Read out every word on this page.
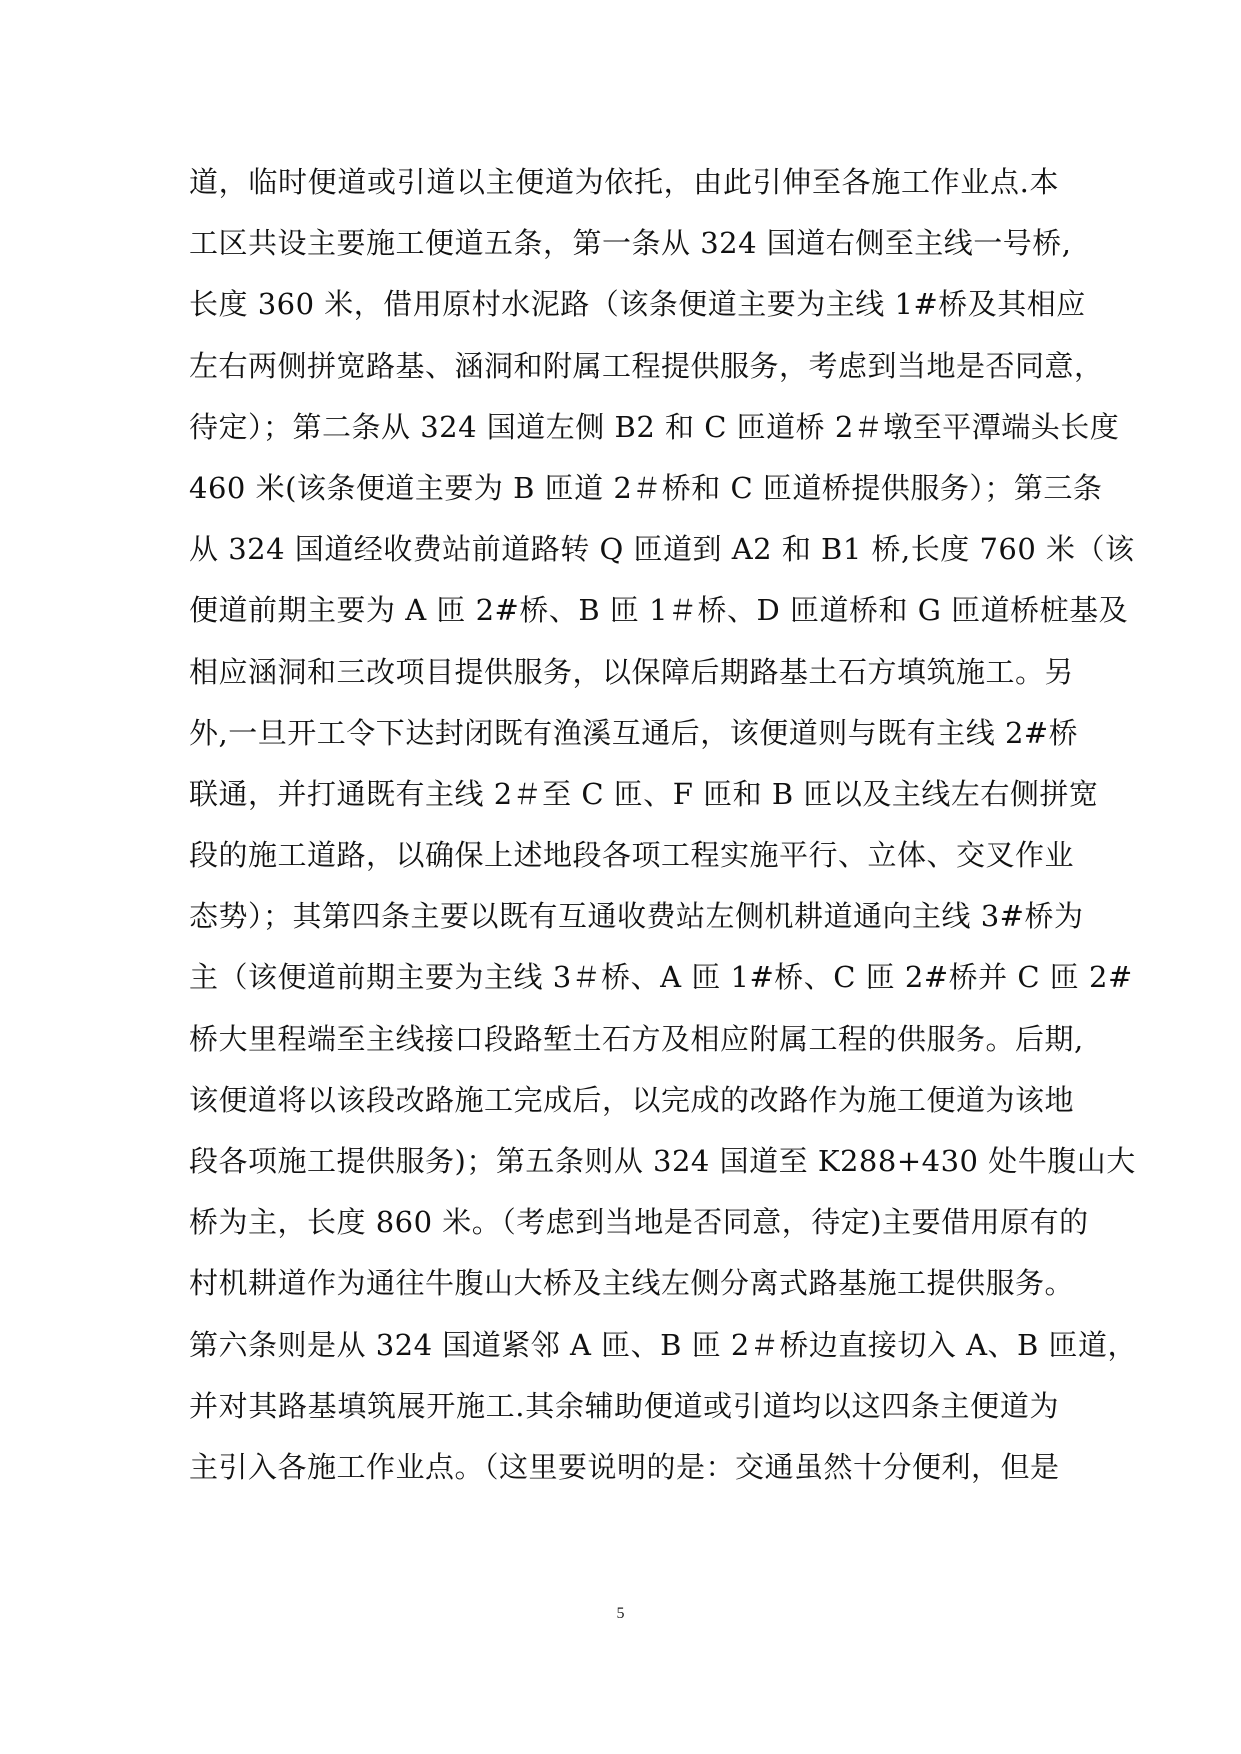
道，临时便道或引道以主便道为依托，由此引伸至各施工作业点.本
工区共设主要施工便道五条，第一条从 324 国道右侧至主线一号桥,
长度 360 米，借用原村水泥路（该条便道主要为主线 1#桥及其相应
左右两侧拼宽路基、涵洞和附属工程提供服务，考虑到当地是否同意，
待定）；第二条从 324 国道左侧 B2 和 C 匝道桥 2＃墩至平潭端头长度
460 米(该条便道主要为 B 匝道 2＃桥和 C 匝道桥提供服务）；第三条
从 324 国道经收费站前道路转 Q 匝道到 A2 和 B1 桥,长度 760 米（该
便道前期主要为 A 匝 2#桥、B 匝 1＃桥、D 匝道桥和 G 匝道桥桩基及
相应涵洞和三改项目提供服务，以保障后期路基土石方填筑施工。另
外,一旦开工令下达封闭既有渔溪互通后，该便道则与既有主线 2#桥
联通，并打通既有主线 2＃至 C 匝、F 匝和 B 匝以及主线左右侧拼宽
段的施工道路，以确保上述地段各项工程实施平行、立体、交叉作业
态势）；其第四条主要以既有互通收费站左侧机耕道通向主线 3#桥为
主（该便道前期主要为主线 3＃桥、A 匝 1#桥、C 匝 2#桥并 C 匝 2#
桥大里程端至主线接口段路堑土石方及相应附属工程的供服务。后期,
该便道将以该段改路施工完成后，以完成的改路作为施工便道为该地
段各项施工提供服务)；第五条则从 324 国道至 K288+430 处牛腹山大
桥为主，长度 860 米。（考虑到当地是否同意，待定)主要借用原有的
村机耕道作为通往牛腹山大桥及主线左侧分离式路基施工提供服务。
第六条则是从 324 国道紧邻 A 匝、B 匝 2＃桥边直接切入 A、B 匝道，
并对其路基填筑展开施工.其余辅助便道或引道均以这四条主便道为
主引入各施工作业点。（这里要说明的是：交通虽然十分便利，但是
5
